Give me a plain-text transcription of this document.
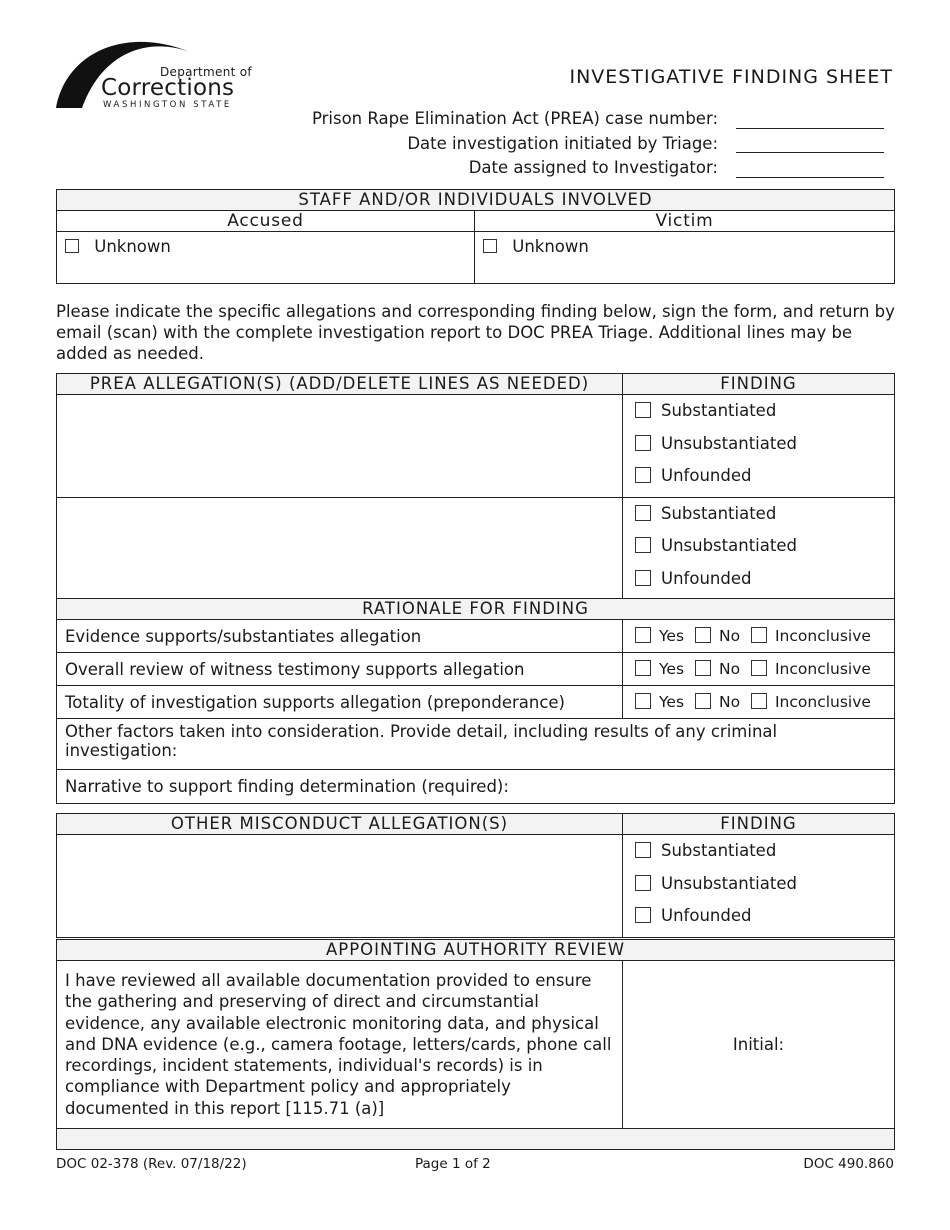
Department of
Corrections
WASHINGTON STATE
INVESTIGATIVE FINDING SHEET
Prison Rape Elimination Act (PREA) case number:
Date investigation initiated by Triage:
Date assigned to Investigator:
STAFF AND/OR INDIVIDUALS INVOLVED	
Accused	Victim
Unknown	Unknown
Please indicate the specific allegations and corresponding finding below, sign the form, and return by email (scan) with the complete investigation report to DOC PREA Triage. Additional lines may be added as needed.
PREA ALLEGATION(S) (ADD/DELETE LINES AS NEEDED)	FINDING

	Substantiated
Unsubstantiated
Unfounded

	Substantiated
Unsubstantiated
Unfounded
RATIONALE FOR FINDING	
Evidence supports/substantiates allegation	Yes No Inconclusive
Overall review of witness testimony supports allegation	Yes No Inconclusive
Totality of investigation supports allegation (preponderance)	Yes No Inconclusive
Other factors taken into consideration. Provide detail, including results of any criminal investigation:	
Narrative to support finding determination (required):	
OTHER MISCONDUCT ALLEGATION(S)	FINDING

	Substantiated
Unsubstantiated
Unfounded
APPOINTING AUTHORITY REVIEW
I have reviewed all available documentation provided to ensure the gathering and preserving of direct and circumstantial evidence, any available electronic monitoring data, and physical and DNA evidence (e.g., camera footage, letters/cards, phone call recordings, incident statements, individual's records) is in compliance with Department policy and appropriately documented in this report [115.71 (a)]	Initial:

DOC 02-378 (Rev. 07/18/22)	Page 1 of 2	DOC 490.860
